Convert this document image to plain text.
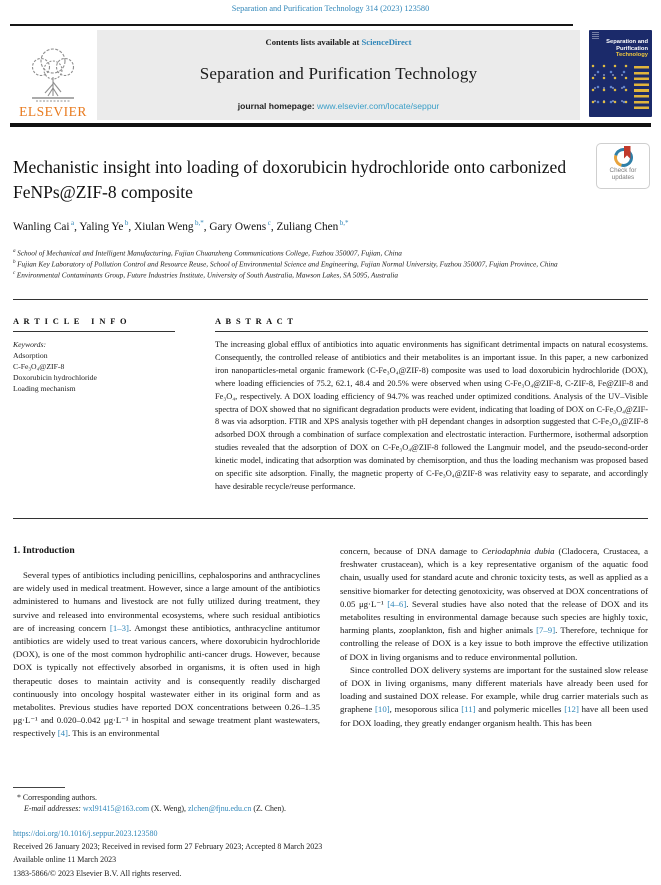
Separation and Purification Technology 314 (2023) 123580
ELSEVIER
Contents lists available at ScienceDirect
Separation and Purification Technology
journal homepage: www.elsevier.com/locate/seppur
Separation and
Purification
Technology
Check for updates
Mechanistic insight into loading of doxorubicin hydrochloride onto carbonized FeNPs@ZIF-8 composite
Wanling Cai $^a$, Yaling Ye $^b$, Xiulan Weng $^{b,*}$, Gary Owens $^c$, Zuliang Chen $^{b,*}$
$^a$ School of Mechanical and Intelligent Manufacturing, Fujian Chuanzheng Communications College, Fuzhou 350007, Fujian, China
$^b$ Fujian Key Laboratory of Pollution Control and Resource Reuse, School of Environmental Science and Engineering, Fujian Normal University, Fuzhou 350007, Fujian Province, China
$^c$ Environmental Contaminants Group, Future Industries Institute, University of South Australia, Mawson Lakes, SA 5095, Australia
A R T I C L E   I N F O
Keywords:
Adsorption
C-Fe₃O₄@ZIF-8
Doxorubicin hydrochloride
Loading mechanism
A B S T R A C T
The increasing global efflux of antibiotics into aquatic environments has significant detrimental impacts on natural ecosystems. Consequently, the controlled release of antibiotics and their metabolites is an important issue. In this paper, a new carbonized iron nanoparticles-metal organic framework (C-Fe₃O₄@ZIF-8) composite was used to load doxorubicin hydrochloride (DOX), where loading efficiencies of 75.2, 62.1, 48.4 and 20.5% were observed when using C-Fe₃O₄@ZIF-8, C-ZIF-8, Fe@ZIF-8 and Fe₃O₄, respectively. A DOX loading efficiency of 94.7% was reached under optimized conditions. Analysis of the UV–Visible spectra of DOX showed that no significant degradation products were evident, indicating that loading of DOX on C-Fe₃O₄@ZIF-8 was via adsorption. FTIR and XPS analysis together with pH dependant changes in adsorption suggested that C-Fe₃O₄@ZIF-8 adsorbed DOX through a combination of surface complexation and electrostatic interaction. Furthermore, isothermal adsorption studies revealed that the adsorption of DOX on C-Fe₃O₄@ZIF-8 followed the Langmuir model, and the pseudo-second-order kinetic model, indicating that adsorption was dominated by chemisorption, and thus the loading mechanism was proposed based on specific site adsorption. Finally, the magnetic property of C-Fe₃O₄@ZIF-8 was relativity easy to separate, and accordingly have desirable recycle/reuse performance.
1. Introduction

Several types of antibiotics including penicillins, cephalosporins and anthracyclines are widely used in medical treatment. However, since a large amount of the antibiotics administered to humans and livestock are not fully utilized during treatment, they survive and released into environmental ecosystems, where such residual antibiotics are of increasing concern [1–3]. Amongst these antibiotics, anthracycline antitumor antibiotics are widely used to treat various cancers, where doxorubicin hydrochloride (DOX), is one of the most common hydrophilic anti-cancer drugs. However, because DOX is typically not effectively absorbed in organisms, it is often used in high therapeutic doses to maintain activity and is consequently readily discharged continuously into oncology hospital wastewater either in its original form and as metabolites. Previous studies have reported DOX concentrations between 0.26–1.35 μg·L⁻¹ and 0.020–0.042 μg·L⁻¹ in hospital and sewage treatment plant wastewaters, respectively [4]. This is an environmental

concern, because of DNA damage to Ceriodaphnia dubia (Cladocera, Crustacea, a freshwater crustacean), which is a key representative organism of the aquatic food chain, usually used for standard acute and chronic toxicity tests, as well as applied as a sensitive biomarker for detecting genotoxicity, was observed at DOX concentrations of 0.05 μg·L⁻¹ [4–6]. Several studies have also noted that the release of DOX and its metabolites resulting in environmental damage because such species are highly toxic, harming plants, zooplankton, fish and higher animals [7–9]. Therefore, technique for controlling the release of DOX is a key issue to both improve the effective utilization of DOX in living organisms and to reduce environmental pollution.

Since controlled DOX delivery systems are important for the sustained slow release of DOX in living organisms, many different materials have already been used for loading and sustained DOX release. For example, while drug carrier materials such as graphene [10], mesoporous silica [11] and polymeric micelles [12] have all been used for DOX loading, they greatly endanger organism health. This has been

* Corresponding authors.
E-mail addresses: wxl91415@163.com (X. Weng), zlchen@fjnu.edu.cn (Z. Chen).
https://doi.org/10.1016/j.seppur.2023.123580
Received 26 January 2023; Received in revised form 27 February 2023; Accepted 8 March 2023
Available online 11 March 2023
1383-5866/© 2023 Elsevier B.V. All rights reserved.
